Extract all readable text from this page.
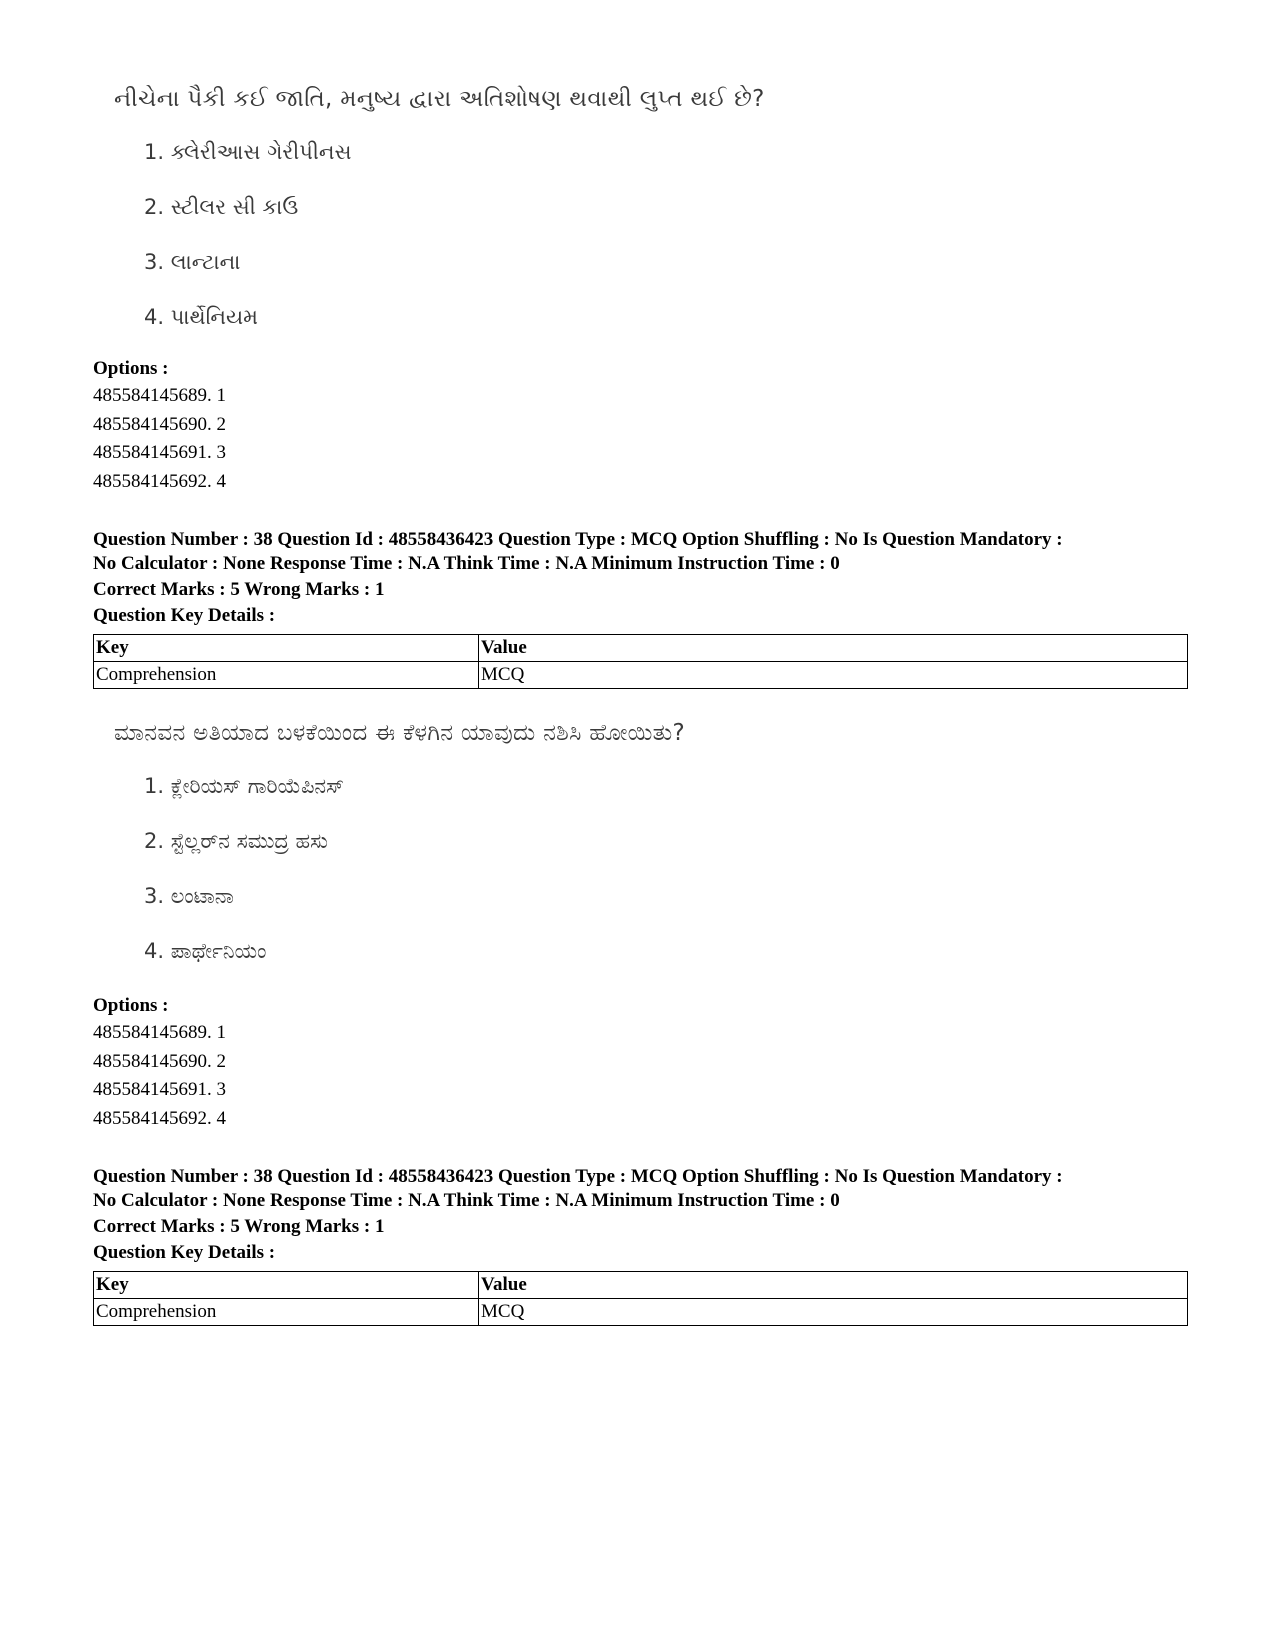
નીચેના પૈકી કઈ જાતિ, મનુષ્ય દ્વારા અતિશોષણ થવાથી લુપ્ત થઈ છે?
1. ક્લેરીઆસ ગેરીપીનસ
2. સ્ટીલર સી કાઉ
3. લાન્ટાના
4. પાર્થેનિયમ
Options :
485584145689. 1
485584145690. 2
485584145691. 3
485584145692. 4
Question Number : 38 Question Id : 48558436423 Question Type : MCQ Option Shuffling : No Is Question Mandatory :
No Calculator : None Response Time : N.A Think Time : N.A Minimum Instruction Time : 0
Correct Marks : 5 Wrong Marks : 1
Question Key Details :
Key	Value
Comprehension	MCQ
ಮಾನವನ ಅತಿಯಾದ ಬಳಕೆಯಿಂದ ಈ ಕೆಳಗಿನ ಯಾವುದು ನಶಿಸಿ ಹೋಯಿತು?
1. ಕ್ಲೇರಿಯಸ್ ಗಾರಿಯೆಪಿನಸ್
2. ಸ್ಟೆಲ್ಲರ್‌ನ ಸಮುದ್ರ ಹಸು
3. ಲಂಟಾನಾ
4. ಪಾರ್ಥೇನಿಯಂ
Options :
485584145689. 1
485584145690. 2
485584145691. 3
485584145692. 4
Question Number : 38 Question Id : 48558436423 Question Type : MCQ Option Shuffling : No Is Question Mandatory :
No Calculator : None Response Time : N.A Think Time : N.A Minimum Instruction Time : 0
Correct Marks : 5 Wrong Marks : 1
Question Key Details :
Key	Value
Comprehension	MCQ
